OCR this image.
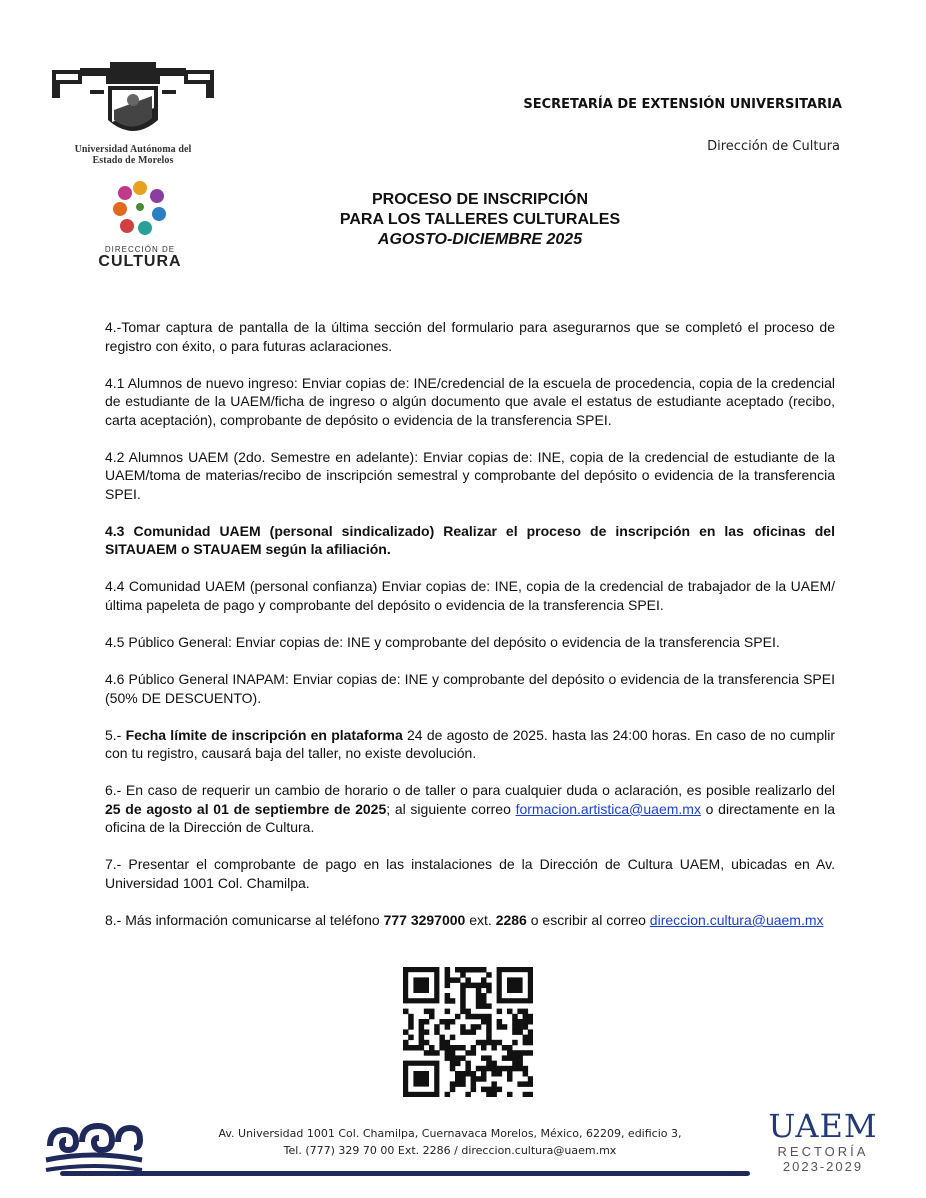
Universidad Autónoma del
Estado de Morelos
DIRECCIÓN DE
CULTURA
SECRETARÍA DE EXTENSIÓN UNIVERSITARIA
Dirección de Cultura
PROCESO DE INSCRIPCIÓN
PARA LOS TALLERES CULTURALES
AGOSTO-DICIEMBRE 2025

4.-Tomar captura de pantalla de la última sección del formulario para asegurarnos que se completó el proceso de registro con éxito, o para futuras aclaraciones.

4.1 Alumnos de nuevo ingreso: Enviar copias de: INE/credencial de la escuela de procedencia, copia de la credencial de estudiante de la UAEM/ficha de ingreso o algún documento que avale el estatus de estudiante aceptado (recibo, carta aceptación), comprobante de depósito o evidencia de la transferencia SPEI.

4.2 Alumnos UAEM (2do. Semestre en adelante): Enviar copias de: INE, copia de la credencial de estudiante de la UAEM/toma de materias/recibo de inscripción semestral y comprobante del depósito o evidencia de la transferencia SPEI.

4.3 Comunidad UAEM (personal sindicalizado) Realizar el proceso de inscripción en las oficinas del SITAUAEM o STAUAEM según la afiliación.

4.4 Comunidad UAEM (personal confianza) Enviar copias de: INE, copia de la credencial de trabajador de la UAEM/última papeleta de pago y comprobante del depósito o evidencia de la transferencia SPEI.

4.5 Público General: Enviar copias de: INE y comprobante del depósito o evidencia de la transferencia SPEI.

4.6 Público General INAPAM: Enviar copias de: INE y comprobante del depósito o evidencia de la transferencia SPEI (50% DE DESCUENTO).

5.- Fecha límite de inscripción en plataforma 24 de agosto de 2025. hasta las 24:00 horas. En caso de no cumplir con tu registro, causará baja del taller, no existe devolución.

6.- En caso de requerir un cambio de horario o de taller o para cualquier duda o aclaración, es posible realizarlo del 25 de agosto al 01 de septiembre de 2025; al siguiente correo formacion.artistica@uaem.mx o directamente en la oficina de la Dirección de Cultura.

7.- Presentar el comprobante de pago en las instalaciones de la Dirección de Cultura UAEM, ubicadas en Av. Universidad 1001 Col. Chamilpa.

8.- Más información comunicarse al teléfono 777 3297000 ext. 2286 o escribir al correo direccion.cultura@uaem.mx

Av. Universidad 1001 Col. Chamilpa, Cuernavaca Morelos, México, 62209, edificio 3,
Tel. (777) 329 70 00 Ext. 2286 / direccion.cultura@uaem.mx
UAEM
RECTORÍA
2023-2029
